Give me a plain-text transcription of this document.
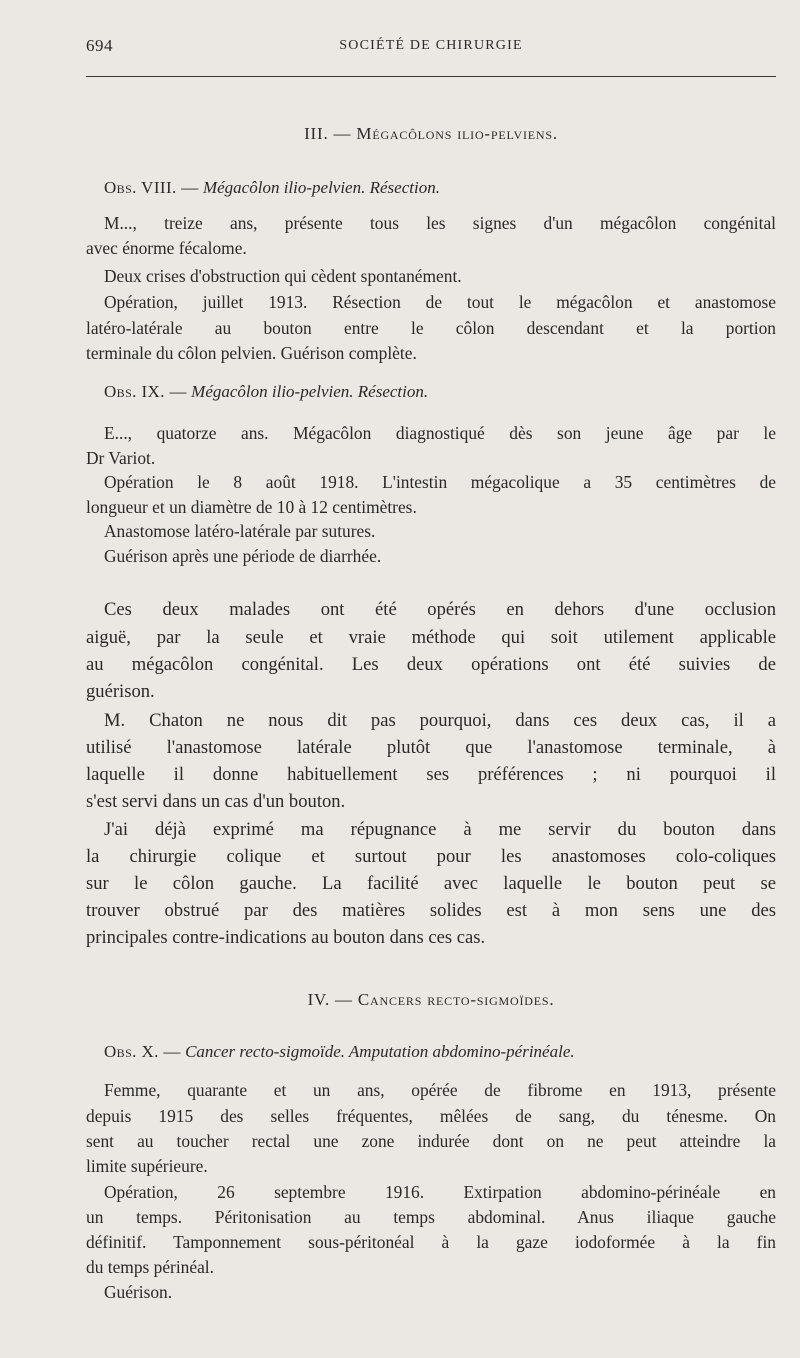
694	SOCIÉTÉ DE CHIRURGIE
III. — Mégacôlons ilio-pelviens.
Obs. VIII. — Mégacôlon ilio-pelvien. Résection.
M..., treize ans, présente tous les signes d'un mégacôlon congénital
avec énorme fécalome.
Deux crises d'obstruction qui cèdent spontanément.
Opération, juillet 1913. Résection de tout le mégacôlon et anastomose
latéro-latérale au bouton entre le côlon descendant et la portion
terminale du côlon pelvien. Guérison complète.
Obs. IX. — Mégacôlon ilio-pelvien. Résection.
E..., quatorze ans. Mégacôlon diagnostiqué dès son jeune âge par le
Dr Variot.
Opération le 8 août 1918. L'intestin mégacolique a 35 centimètres de
longueur et un diamètre de 10 à 12 centimètres.
Anastomose latéro-latérale par sutures.
Guérison après une période de diarrhée.
Ces deux malades ont été opérés en dehors d'une occlusion
aiguë, par la seule et vraie méthode qui soit utilement applicable
au mégacôlon congénital. Les deux opérations ont été suivies de
guérison.
M. Chaton ne nous dit pas pourquoi, dans ces deux cas, il a
utilisé l'anastomose latérale plutôt que l'anastomose terminale, à
laquelle il donne habituellement ses préférences ; ni pourquoi il
s'est servi dans un cas d'un bouton.
J'ai déjà exprimé ma répugnance à me servir du bouton dans
la chirurgie colique et surtout pour les anastomoses colo-coliques
sur le côlon gauche. La facilité avec laquelle le bouton peut se
trouver obstrué par des matières solides est à mon sens une des
principales contre-indications au bouton dans ces cas.
IV. — Cancers recto-sigmoïdes.
Obs. X. — Cancer recto-sigmoïde. Amputation abdomino-périnéale.
Femme, quarante et un ans, opérée de fibrome en 1913, présente
depuis 1915 des selles fréquentes, mêlées de sang, du ténesme. On
sent au toucher rectal une zone indurée dont on ne peut atteindre la
limite supérieure.
Opération, 26 septembre 1916. Extirpation abdomino-périnéale en
un temps. Péritonisation au temps abdominal. Anus iliaque gauche
définitif. Tamponnement sous-péritonéal à la gaze iodoformée à la fin
du temps périnéal.
Guérison.
